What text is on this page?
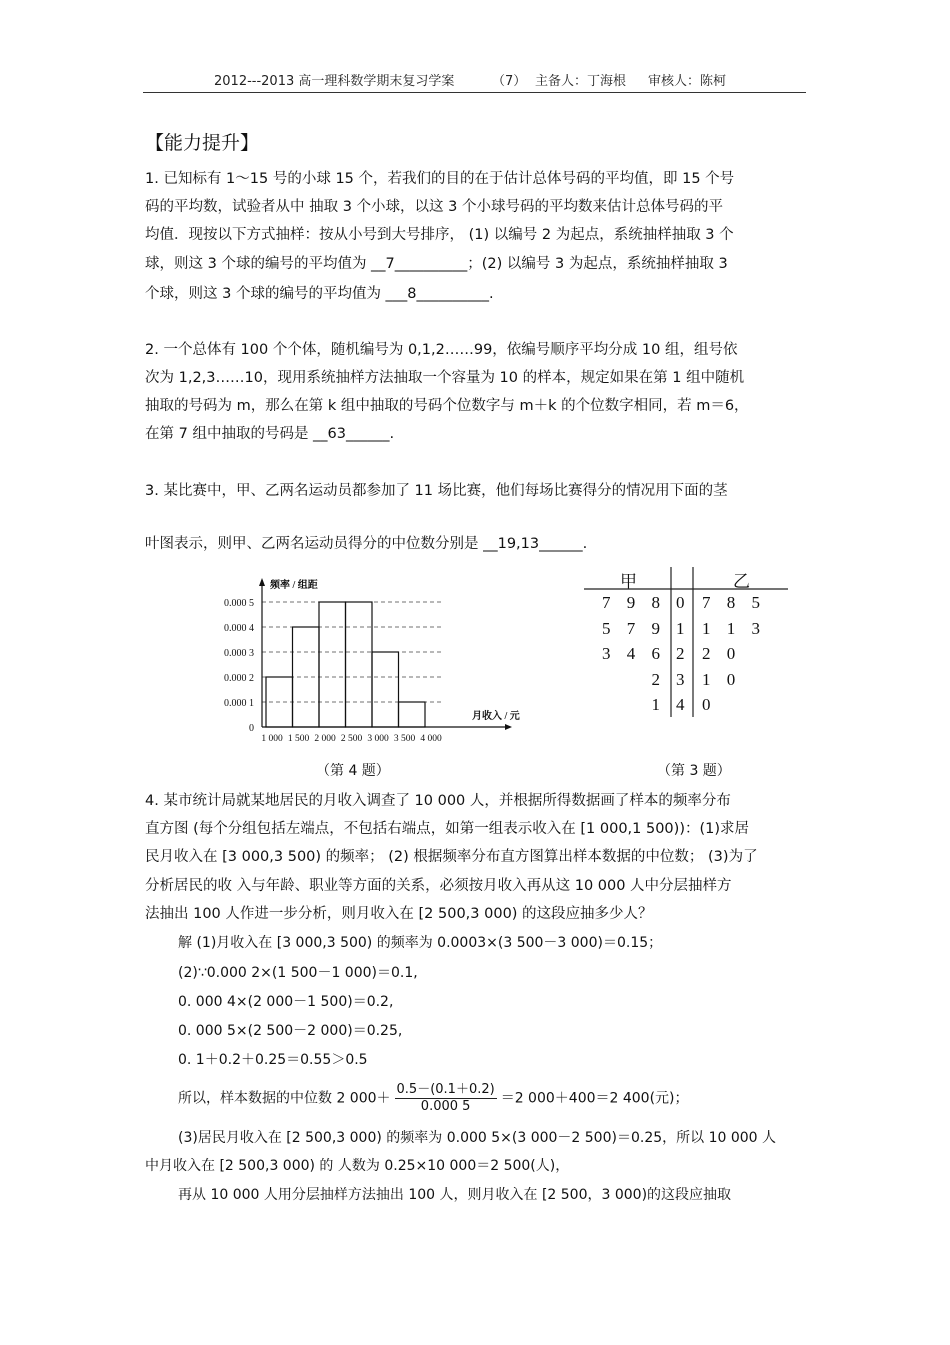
2012---2013 高一理科数学期末复习学案	（7） 主备人：丁海根 审核人：陈柯
【能力提升】
1. 已知标有 1～15 号的小球 15 个，若我们的目的在于估计总体号码的平均值，即 15 个号
码的平均数，试验者从中 抽取 3 个小球，以这 3 个小球号码的平均数来估计总体号码的平
均值．现按以下方式抽样：按从小号到大号排序， (1) 以编号 2 为起点，系统抽样抽取 3 个
球，则这 3 个球的编号的平均值为 __7__________；(2) 以编号 3 为起点，系统抽样抽取 3
个球，则这 3 个球的编号的平均值为 ___8__________.
2. 一个总体有 100 个个体，随机编号为 0,1,2……99，依编号顺序平均分成 10 组，组号依
次为 1,2,3……10，现用系统抽样方法抽取一个容量为 10 的样本，规定如果在第 1 组中随机
抽取的号码为 m，那么在第 k 组中抽取的号码个位数字与 m＋k 的个位数字相同，若 m＝6，
在第 7 组中抽取的号码是 __63______.
3. 某比赛中，甲、乙两名运动员都参加了 11 场比赛，他们每场比赛得分的情况用下面的茎
叶图表示，则甲、乙两名运动员得分的中位数分别是 __19,13______.
0
0.000 1
0.000 2
0.000 3
0.000 4
0.000 5
1 000 1 500 2 000 2 500 3 000 3 500 4 000
频率 / 组距
月收入 / 元
（第 4 题）
甲	乙
7 9 8 0 7 8 5
5 7 9 1 1 1 3
3 4 6 2 2 0
2 3 1 0
1 4 0
（第 3 题）
4. 某市统计局就某地居民的月收入调查了 10 000 人，并根据所得数据画了样本的频率分布
直方图 (每个分组包括左端点，不包括右端点，如第一组表示收入在 [1 000,1 500))：(1)求居
民月收入在 [3 000,3 500) 的频率； (2) 根据频率分布直方图算出样本数据的中位数； (3)为了
分析居民的收 入与年龄、职业等方面的关系，必须按月收入再从这 10 000 人中分层抽样方
法抽出 100 人作进一步分析，则月收入在 [2 500,3 000) 的这段应抽多少人？
解 (1)月收入在 [3 000,3 500) 的频率为 0.0003×(3 500－3 000)＝0.15；
(2)∵0.000 2×(1 500－1 000)＝0.1,
0. 000 4×(2 000－1 500)＝0.2,
0. 000 5×(2 500－2 000)＝0.25,
0. 1＋0.2＋0.25＝0.55＞0.5
所以，样本数据的中位数 2 $000+ \frac{0.5-(0.1+0.2)}{0.000 5} =2$ 000＋400＝2 400(元)；
(3)居民月收入在 [2 500,3 000) 的频率为 0.000 5×(3 000－2 500)＝0.25，所以 10 000 人
中月收入在 [2 500,3 000) 的 人数为 0.25×10 000＝2 500(人)，
再从 10 000 人用分层抽样方法抽出 100 人，则月收入在 [2 500，3 000)的这段应抽取
